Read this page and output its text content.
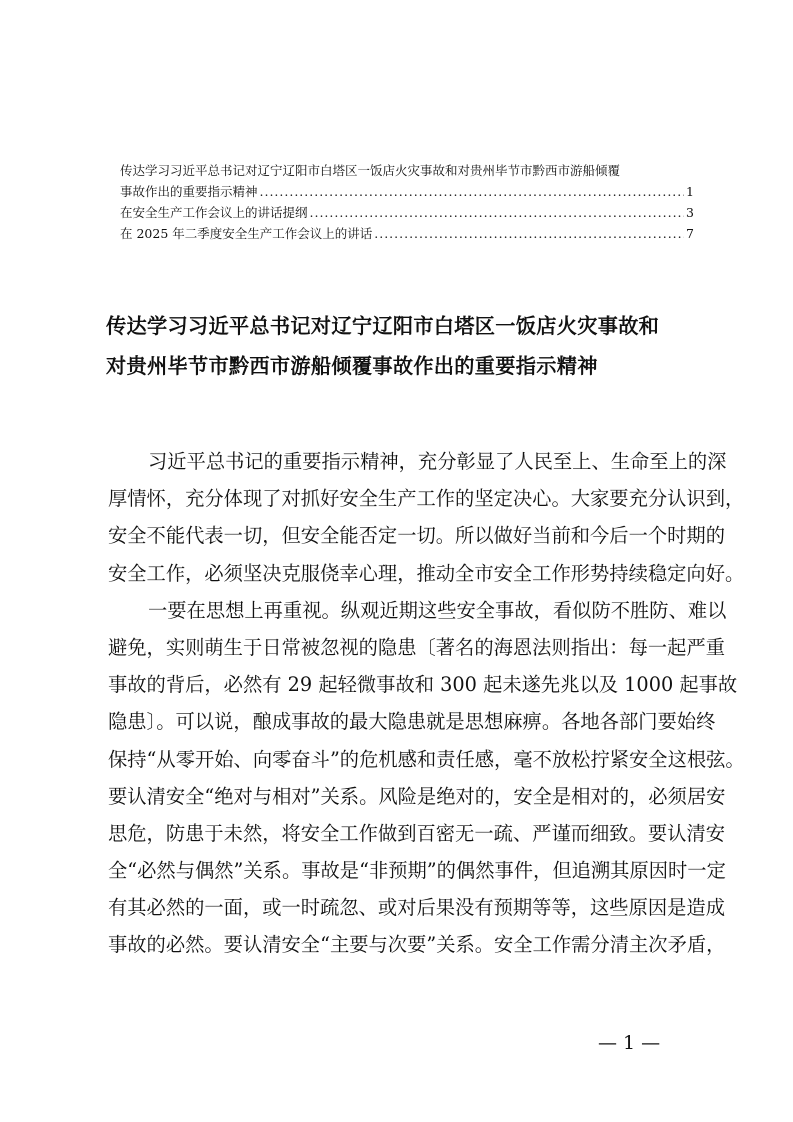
传达学习习近平总书记对辽宁辽阳市白塔区一饭店火灾事故和对贵州毕节市黔西市游船倾覆
事故作出的重要指示精神 .....	1
在安全生产工作会议上的讲话提纲 .....	3
在 2025 年二季度安全生产工作会议上的讲话 .....	7
传达学习习近平总书记对辽宁辽阳市白塔区一饭店火灾事故和
对贵州毕节市黔西市游船倾覆事故作出的重要指示精神
习近平总书记的重要指示精神，充分彰显了人民至上、生命至上的深
厚情怀，充分体现了对抓好安全生产工作的坚定决心。大家要充分认识到，
安全不能代表一切，但安全能否定一切。所以做好当前和今后一个时期的
安全工作，必须坚决克服侥幸心理，推动全市安全工作形势持续稳定向好。
一要在思想上再重视。纵观近期这些安全事故，看似防不胜防、难以
避免，实则萌生于日常被忽视的隐患〔著名的海恩法则指出：每一起严重
事故的背后，必然有 29 起轻微事故和 300 起未遂先兆以及 1000 起事故
隐患〕。可以说，酿成事故的最大隐患就是思想麻痹。各地各部门要始终
保持“从零开始、向零奋斗”的危机感和责任感，毫不放松拧紧安全这根弦。
要认清安全“绝对与相对”关系。风险是绝对的，安全是相对的，必须居安
思危，防患于未然，将安全工作做到百密无一疏、严谨而细致。要认清安
全“必然与偶然”关系。事故是“非预期”的偶然事件，但追溯其原因时一定
有其必然的一面，或一时疏忽、或对后果没有预期等等，这些原因是造成
事故的必然。要认清安全“主要与次要”关系。安全工作需分清主次矛盾，
— 1 —
